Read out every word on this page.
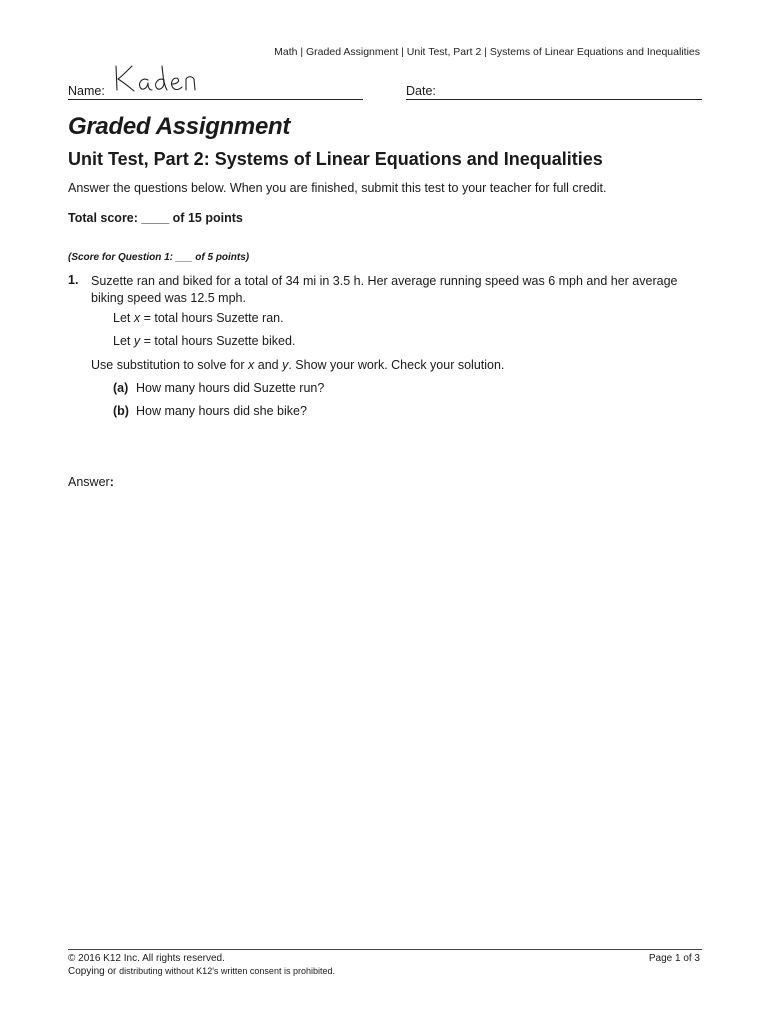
Math | Graded Assignment | Unit Test, Part 2 | Systems of Linear Equations and Inequalities
Name:	Date:
Graded Assignment
Unit Test, Part 2: Systems of Linear Equations and Inequalities
Answer the questions below. When you are finished, submit this test to your teacher for full credit.
Total score: ____ of 15 points
(Score for Question 1: ___ of 5 points)
1. Suzette ran and biked for a total of 34 mi in 3.5 h. Her average running speed was 6 mph and her average biking speed was 12.5 mph.
Let x = total hours Suzette ran.
Let y = total hours Suzette biked.
Use substitution to solve for x and y. Show your work. Check your solution.
(a) How many hours did Suzette run?
(b) How many hours did she bike?
Answer:
© 2016 K12 Inc. All rights reserved.
Copying or distributing without K12's written consent is prohibited.
Page 1 of 3
